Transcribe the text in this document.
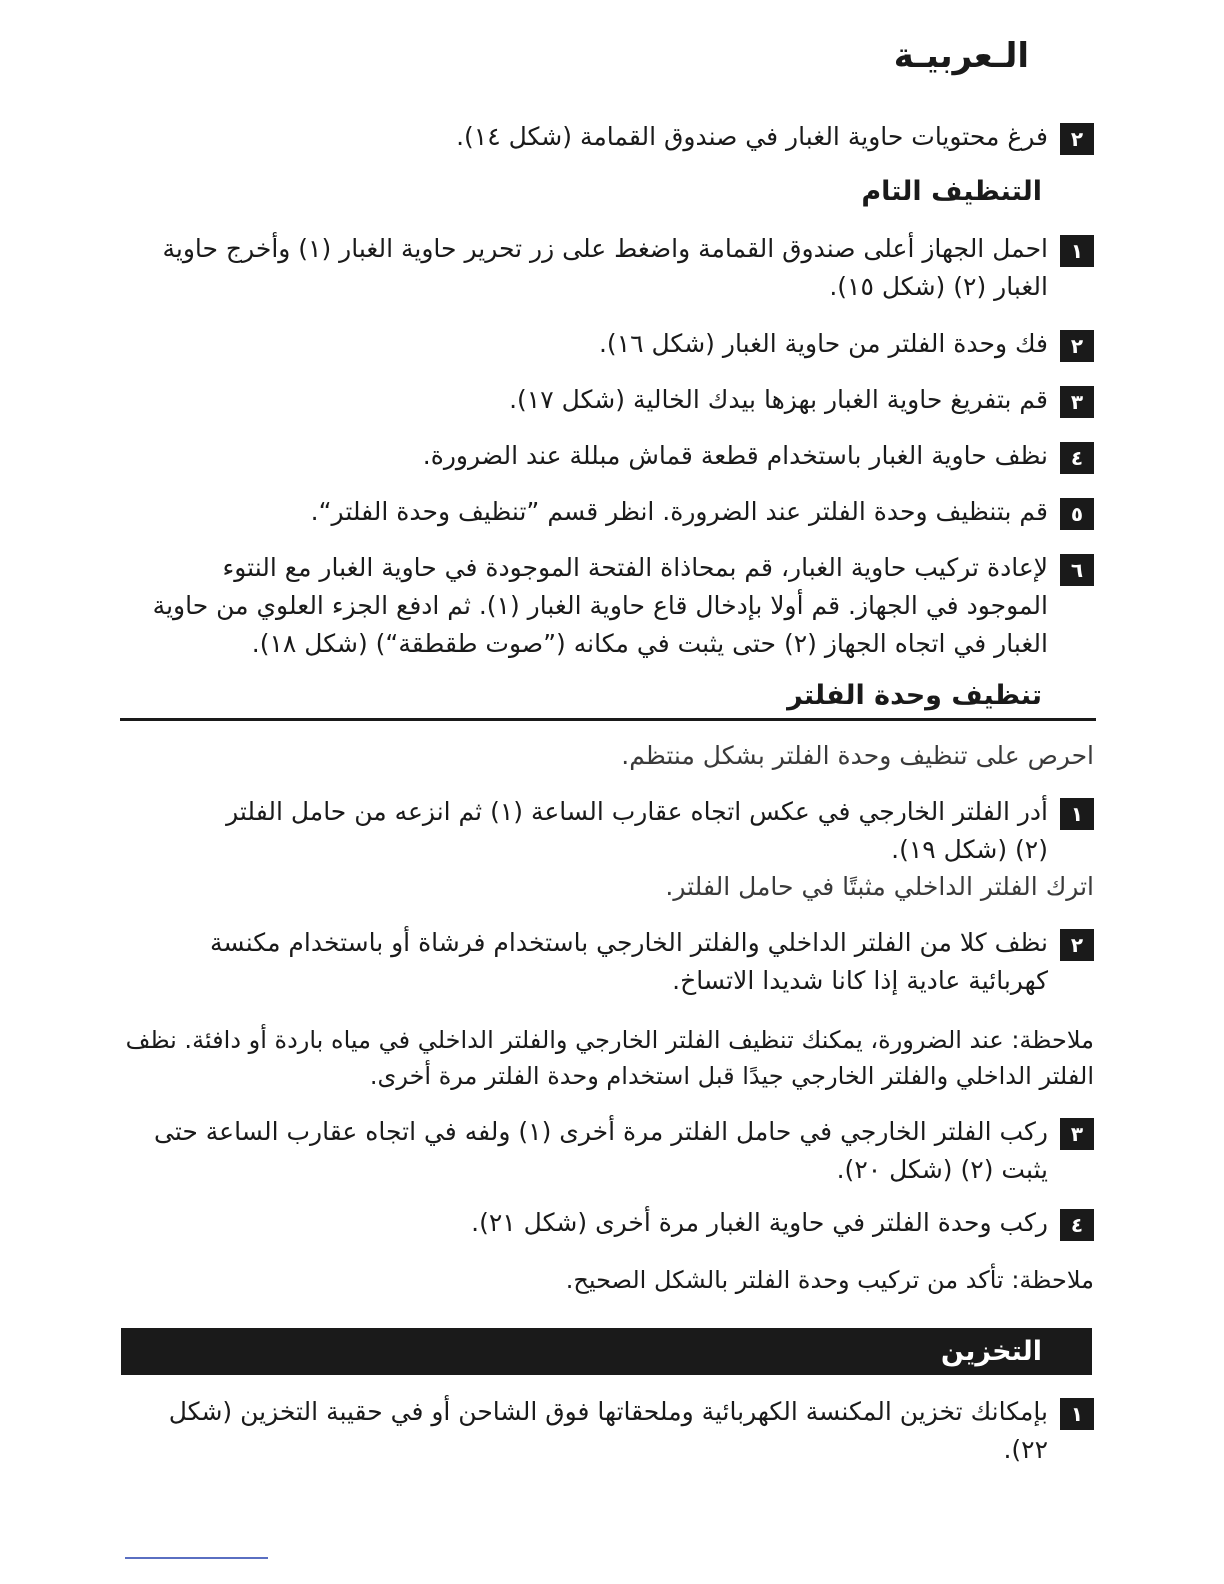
الـعربيـة
٢
فرغ محتويات حاوية الغبار في صندوق القمامة (شكل ١٤).
التنظيف التام
١
احمل الجهاز أعلى صندوق القمامة واضغط على زر تحرير حاوية الغبار (١) وأخرج حاوية الغبار (٢) (شكل ١٥).
٢
فك وحدة الفلتر من حاوية الغبار (شكل ١٦).
٣
قم بتفريغ حاوية الغبار بهزها بيدك الخالية (شكل ١٧).
٤
نظف حاوية الغبار باستخدام قطعة قماش مبللة عند الضرورة.
٥
قم بتنظيف وحدة الفلتر عند الضرورة. انظر قسم ”تنظيف وحدة الفلتر“.
٦
لإعادة تركيب حاوية الغبار، قم بمحاذاة الفتحة الموجودة في حاوية الغبار مع النتوء الموجود في الجهاز. قم أولا بإدخال قاع حاوية الغبار (١). ثم ادفع الجزء العلوي من حاوية الغبار في اتجاه الجهاز (٢) حتى يثبت في مكانه (”صوت طقطقة“) (شكل ١٨).
تنظيف وحدة الفلتر
احرص على تنظيف وحدة الفلتر بشكل منتظم.
١
أدر الفلتر الخارجي في عكس اتجاه عقارب الساعة (١) ثم انزعه من حامل الفلتر (٢) (شكل ١٩).
اترك الفلتر الداخلي مثبتًا في حامل الفلتر.
٢
نظف كلا من الفلتر الداخلي والفلتر الخارجي باستخدام فرشاة أو باستخدام مكنسة كهربائية عادية إذا كانا شديدا الاتساخ.
ملاحظة: عند الضرورة، يمكنك تنظيف الفلتر الخارجي والفلتر الداخلي في مياه باردة أو دافئة. نظف الفلتر الداخلي والفلتر الخارجي جيدًا قبل استخدام وحدة الفلتر مرة أخرى.
٣
ركب الفلتر الخارجي في حامل الفلتر مرة أخرى (١) ولفه في اتجاه عقارب الساعة حتى يثبت (٢) (شكل ٢٠).
٤
ركب وحدة الفلتر في حاوية الغبار مرة أخرى (شكل ٢١).
ملاحظة: تأكد من تركيب وحدة الفلتر بالشكل الصحيح.
التخزين
١
بإمكانك تخزين المكنسة الكهربائية وملحقاتها فوق الشاحن أو في حقيبة التخزين (شكل ٢٢).
